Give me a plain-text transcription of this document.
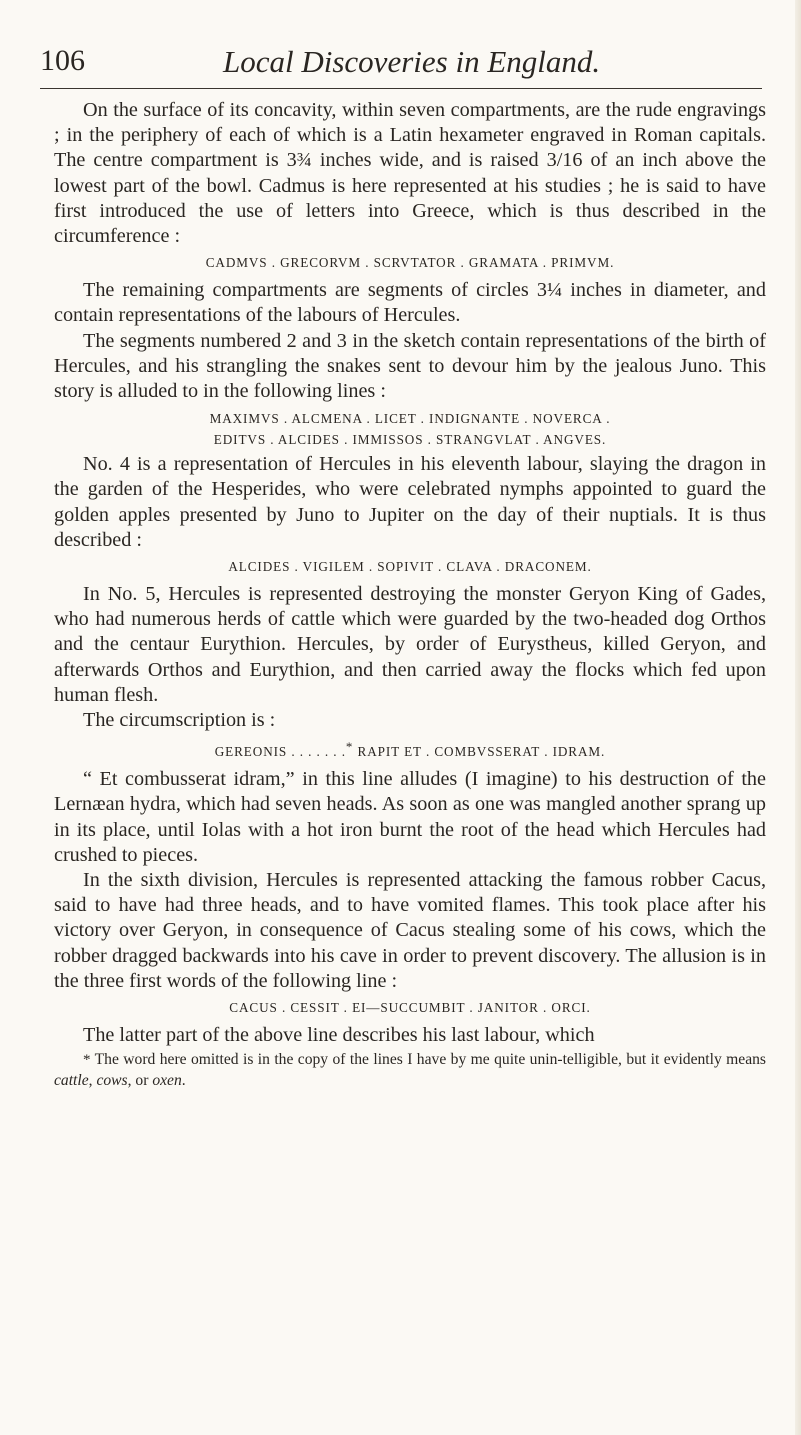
106	Local Discoveries in England.

On the surface of its concavity, within seven compartments, are the rude engravings ; in the periphery of each of which is a Latin hexameter engraved in Roman capitals. The centre compartment is 3¾ inches wide, and is raised 3/16 of an inch above the lowest part of the bowl. Cadmus is here represented at his studies ; he is said to have first introduced the use of letters into Greece, which is thus described in the circumference :

CADMVS . GRECORVM . SCRVTATOR . GRAMATA . PRIMVM.

The remaining compartments are segments of circles 3¼ inches in diameter, and contain representations of the labours of Hercules.

The segments numbered 2 and 3 in the sketch contain representations of the birth of Hercules, and his strangling the snakes sent to devour him by the jealous Juno. This story is alluded to in the following lines :

MAXIMVS . ALCMENA . LICET . INDIGNANTE . NOVERCA .
EDITVS . ALCIDES . IMMISSOS . STRANGVLAT . ANGVES.

No. 4 is a representation of Hercules in his eleventh labour, slaying the dragon in the garden of the Hesperides, who were celebrated nymphs appointed to guard the golden apples presented by Juno to Jupiter on the day of their nuptials. It is thus described :

ALCIDES . VIGILEM . SOPIVIT . CLAVA . DRACONEM.

In No. 5, Hercules is represented destroying the monster Geryon King of Gades, who had numerous herds of cattle which were guarded by the two-headed dog Orthos and the centaur Eurythion. Hercules, by order of Eurystheus, killed Geryon, and afterwards Orthos and Eurythion, and then carried away the flocks which fed upon human flesh.

The circumscription is :

GEREONIS . . . . . . .* RAPIT ET . COMBVSSERAT . IDRAM.

“ Et combusserat idram,” in this line alludes (I imagine) to his destruction of the Lernæan hydra, which had seven heads. As soon as one was mangled another sprang up in its place, until Iolas with a hot iron burnt the root of the head which Hercules had crushed to pieces.

In the sixth division, Hercules is represented attacking the famous robber Cacus, said to have had three heads, and to have vomited flames. This took place after his victory over Geryon, in consequence of Cacus stealing some of his cows, which the robber dragged backwards into his cave in order to prevent discovery. The allusion is in the three first words of the following line :

CACUS . CESSIT . EI—SUCCUMBIT . JANITOR . ORCI.

The latter part of the above line describes his last labour, which

* The word here omitted is in the copy of the lines I have by me quite unin-telligible, but it evidently means cattle, cows, or oxen.
